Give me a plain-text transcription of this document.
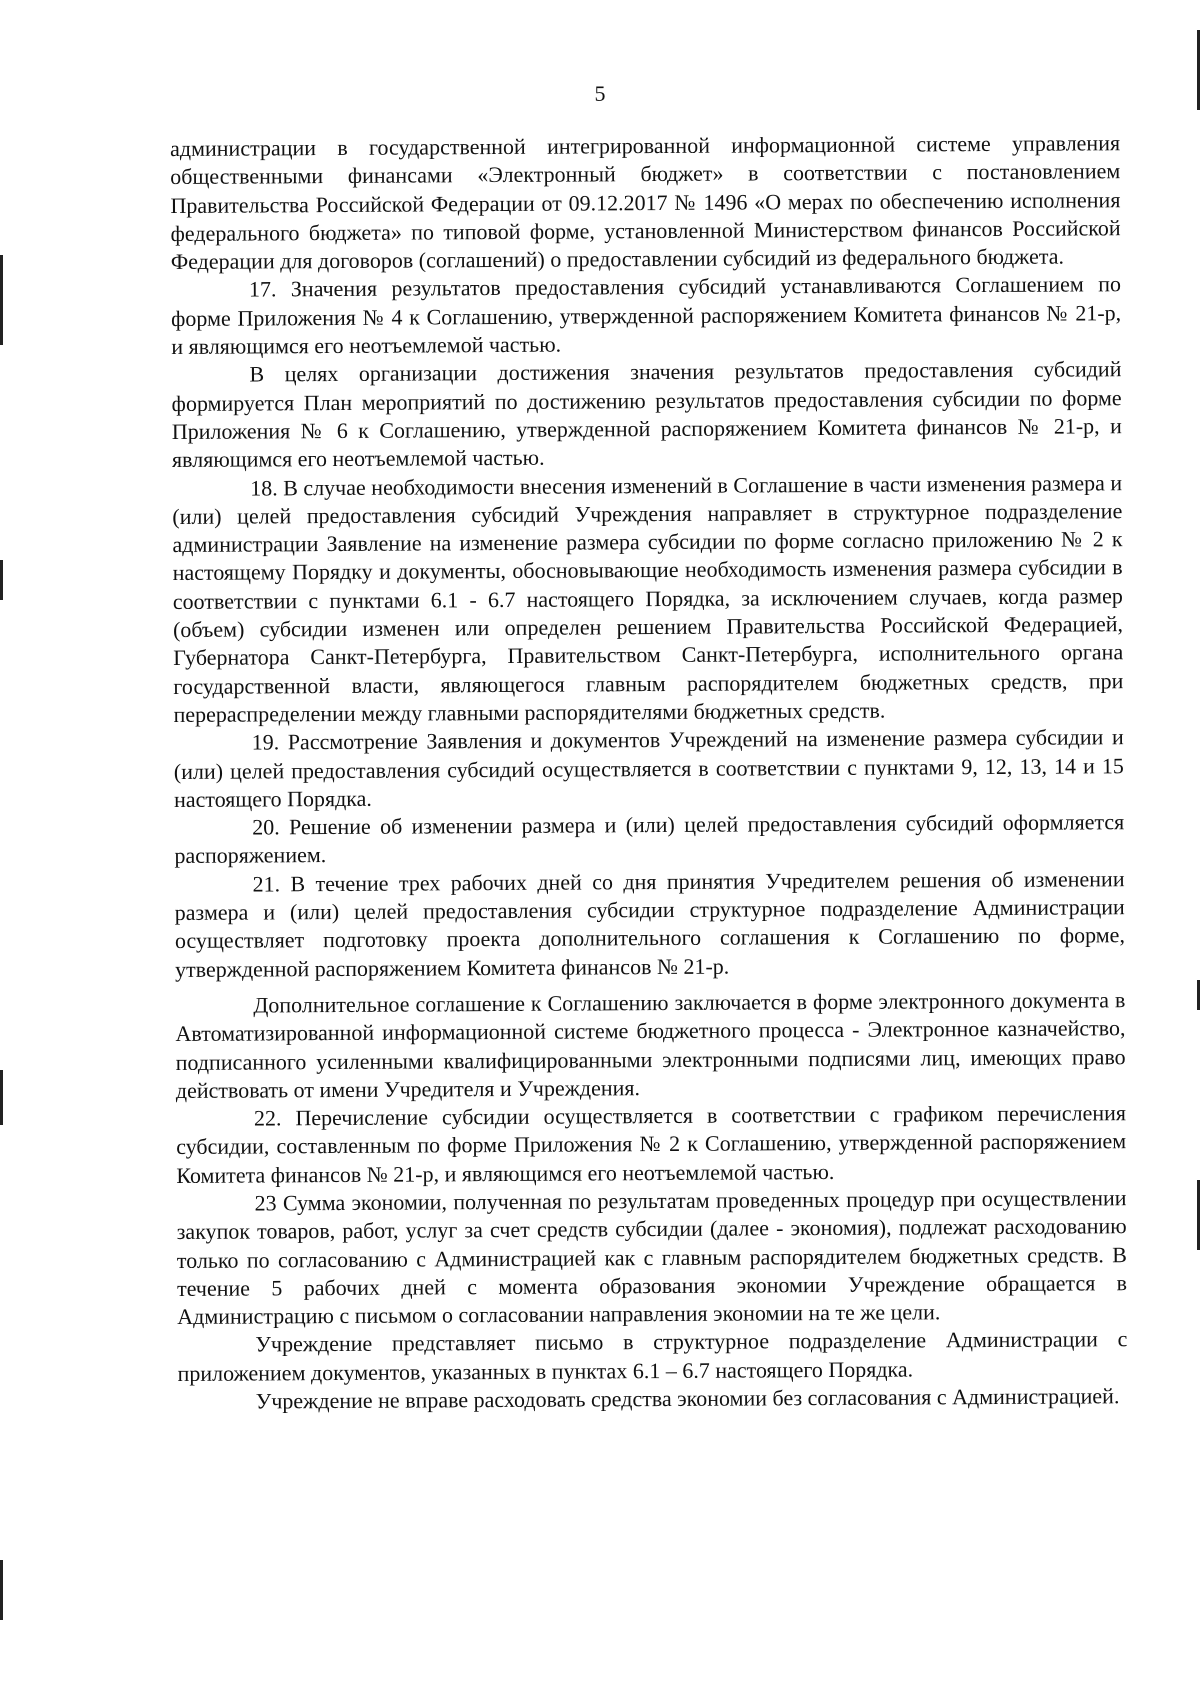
5

администрации в государственной интегрированной информационной системе управления общественными финансами «Электронный бюджет» в соответствии с постановлением Правительства Российской Федерации от 09.12.2017 № 1496 «О мерах по обеспечению исполнения федерального бюджета» по типовой форме, установленной Министерством финансов Российской Федерации для договоров (соглашений) о предоставлении субсидий из федерального бюджета.

17. Значения результатов предоставления субсидий устанавливаются Соглашением по форме Приложения № 4 к Соглашению, утвержденной распоряжением Комитета финансов № 21-р, и являющимся его неотъемлемой частью.

В целях организации достижения значения результатов предоставления субсидий формируется План мероприятий по достижению результатов предоставления субсидии по форме Приложения № 6 к Соглашению, утвержденной распоряжением Комитета финансов № 21-р, и являющимся его неотъемлемой частью.

18. В случае необходимости внесения изменений в Соглашение в части изменения размера и (или) целей предоставления субсидий Учреждения направляет в структурное подразделение администрации Заявление на изменение размера субсидии по форме согласно приложению № 2 к настоящему Порядку и документы, обосновывающие необходимость изменения размера субсидии в соответствии с пунктами 6.1 - 6.7 настоящего Порядка, за исключением случаев, когда размер (объем) субсидии изменен или определен решением Правительства Российской Федерацией, Губернатора Санкт-Петербурга, Правительством Санкт-Петербурга, исполнительного органа государственной власти, являющегося главным распорядителем бюджетных средств, при перераспределении между главными распорядителями бюджетных средств.

19. Рассмотрение Заявления и документов Учреждений на изменение размера субсидии и (или) целей предоставления субсидий осуществляется в соответствии с пунктами 9, 12, 13, 14 и 15 настоящего Порядка.

20. Решение об изменении размера и (или) целей предоставления субсидий оформляется распоряжением.

21. В течение трех рабочих дней со дня принятия Учредителем решения об изменении размера и (или) целей предоставления субсидии структурное подразделение Администрации осуществляет подготовку проекта дополнительного соглашения к Соглашению по форме, утвержденной распоряжением Комитета финансов № 21-р.

Дополнительное соглашение к Соглашению заключается в форме электронного документа в Автоматизированной информационной системе бюджетного процесса - Электронное казначейство, подписанного усиленными квалифицированными электронными подписями лиц, имеющих право действовать от имени Учредителя и Учреждения.

22. Перечисление субсидии осуществляется в соответствии с графиком перечисления субсидии, составленным по форме Приложения № 2 к Соглашению, утвержденной распоряжением Комитета финансов № 21-р, и являющимся его неотъемлемой частью.

23 Сумма экономии, полученная по результатам проведенных процедур при осуществлении закупок товаров, работ, услуг за счет средств субсидии (далее - экономия), подлежат расходованию только по согласованию с Администрацией как с главным распорядителем бюджетных средств. В течение 5 рабочих дней с момента образования экономии Учреждение обращается в Администрацию с письмом о согласовании направления экономии на те же цели.

Учреждение представляет письмо в структурное подразделение Администрации с приложением документов, указанных в пунктах 6.1 – 6.7 настоящего Порядка.

Учреждение не вправе расходовать средства экономии без согласования с Администрацией.
